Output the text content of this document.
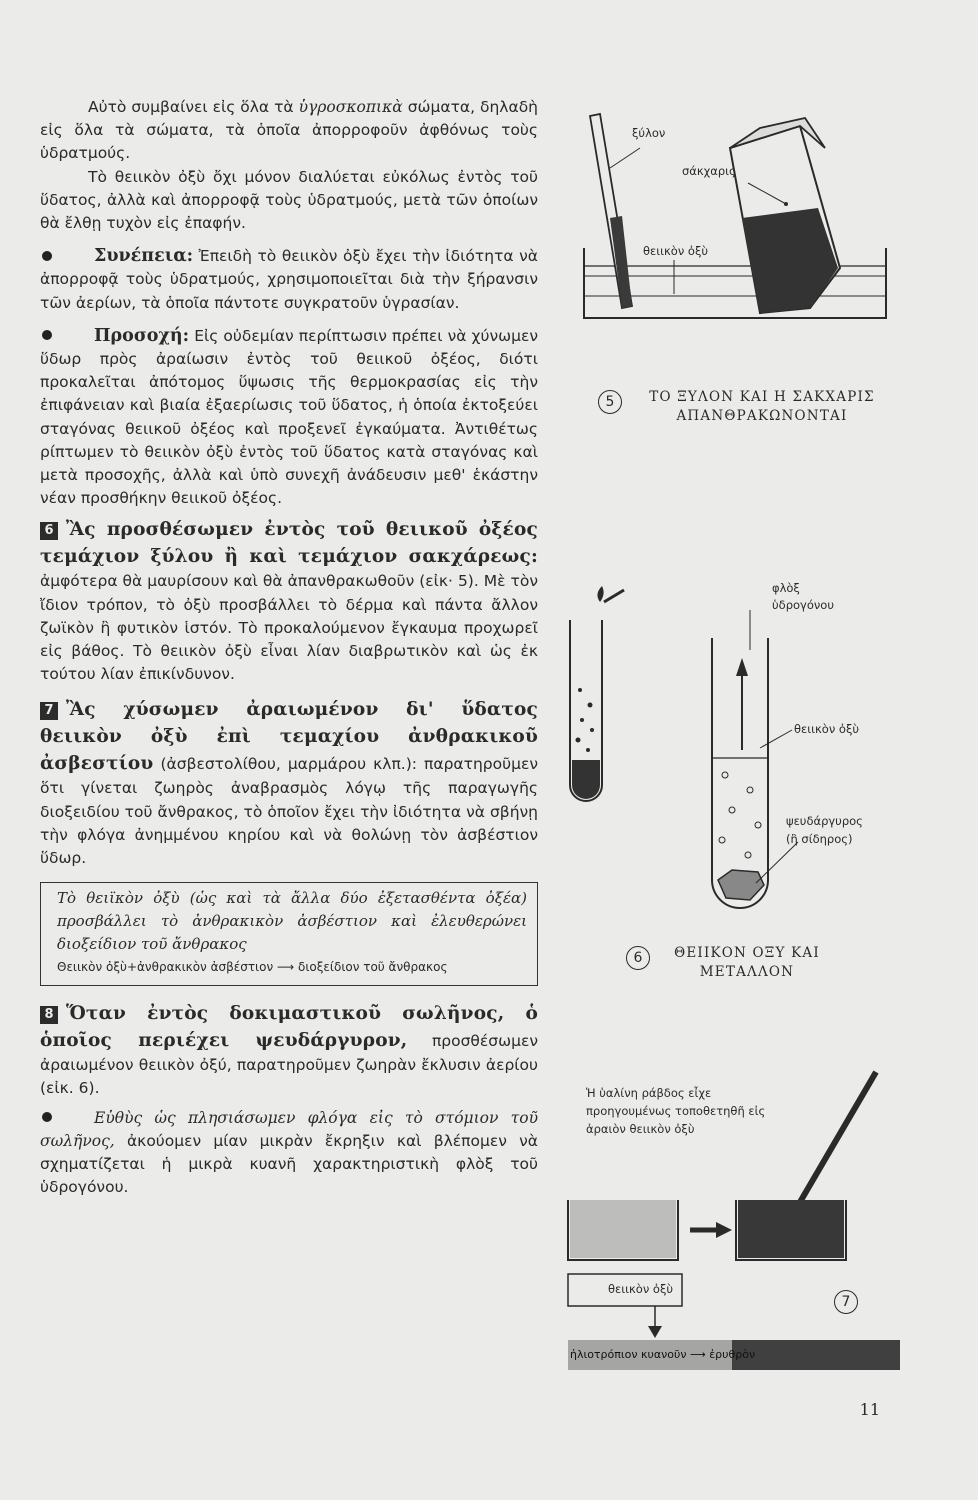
Αὐτὸ συμβαίνει εἰς ὅλα τὰ ὑγροσκοπικὰ σώματα, δηλαδὴ εἰς ὅλα τὰ σώματα, τὰ ὁποῖα ἀπορροφοῦν ἀφθόνως τοὺς ὑδρατμούς.

Τὸ θειικὸν ὀξὺ ὄχι μόνον διαλύεται εὐκόλως ἐντὸς τοῦ ὕδατος, ἀλλὰ καὶ ἀπορροφᾷ τοὺς ὑδρατμούς, μετὰ τῶν ὁποίων θὰ ἔλθῃ τυχὸν εἰς ἐπαφήν.

Συνέπεια: Ἐπειδὴ τὸ θειικὸν ὀξὺ ἔχει τὴν ἰδιότητα νὰ ἀπορροφᾷ τοὺς ὑδρατμούς, χρησιμοποιεῖται διὰ τὴν ξήρανσιν τῶν ἀερίων, τὰ ὁποῖα πάντοτε συγκρατοῦν ὑγρασίαν.

Προσοχή: Εἰς οὐδεμίαν περίπτωσιν πρέπει νὰ χύνωμεν ὕδωρ πρὸς ἀραίωσιν ἐντὸς τοῦ θειικοῦ ὀξέος, διότι προκαλεῖται ἀπότομος ὕψωσις τῆς θερμοκρασίας εἰς τὴν ἐπιφάνειαν καὶ βιαία ἐξαερίωσις τοῦ ὕδατος, ἡ ὁποία ἐκτοξεύει σταγόνας θειικοῦ ὀξέος καὶ προξενεῖ ἐγκαύματα. Ἀντιθέτως ρίπτωμεν τὸ θειικὸν ὀξὺ ἐντὸς τοῦ ὕδατος κατὰ σταγόνας καὶ μετὰ προσοχῆς, ἀλλὰ καὶ ὑπὸ συνεχῆ ἀνάδευσιν μεθ' ἑκάστην νέαν προσθήκην θειικοῦ ὀξέος.

6 Ἂς προσθέσωμεν ἐντὸς τοῦ θειικοῦ ὀξέος τεμάχιον ξύλου ἢ καὶ τεμάχιον σακχάρεως: ἀμφότερα θὰ μαυρίσουν καὶ θὰ ἀπανθρακωθοῦν (εἰκ· 5). Μὲ τὸν ἴδιον τρόπον, τὸ ὀξὺ προσβάλλει τὸ δέρμα καὶ πάντα ἄλλον ζωϊκὸν ἢ φυτικὸν ἱστόν. Τὸ προκαλούμενον ἔγκαυμα προχωρεῖ εἰς βάθος. Τὸ θειικὸν ὀξὺ εἶναι λίαν διαβρωτικὸν καὶ ὡς ἐκ τούτου λίαν ἐπικίνδυνον.

7 Ἂς χύσωμεν ἀραιωμένον δι' ὕδατος θειικὸν ὀξὺ ἐπὶ τεμαχίου ἀνθρακικοῦ ἀσβεστίου (ἀσβεστολίθου, μαρμάρου κλπ.): παρατηροῦμεν ὅτι γίνεται ζωηρὸς ἀναβρασμὸς λόγῳ τῆς παραγωγῆς διοξειδίου τοῦ ἄνθρακος, τὸ ὁποῖον ἔχει τὴν ἰδιότητα νὰ σβήνῃ τὴν φλόγα ἀνημμένου κηρίου καὶ νὰ θολώνῃ τὸν ἀσβέστιον ὕδωρ.

Τὸ θειϊκὸν ὀξὺ (ὡς καὶ τὰ ἄλλα δύο ἐξετασθέντα ὀξέα) προσβάλλει τὸ ἀνθρακικὸν ἀσβέστιον καὶ ἐλευθερώνει διοξείδιον τοῦ ἄνθρακος
Θειικὸν ὀξὺ+ἀνθρακικὸν ἀσβέστιον ⟶ διοξείδιον τοῦ ἄνθρακος

8 Ὅταν ἐντὸς δοκιμαστικοῦ σωλῆνος, ὁ ὁποῖος περιέχει ψευδάργυρον, προσθέσωμεν ἀραιωμένον θειικὸν ὀξύ, παρατηροῦμεν ζωηρὰν ἔκλυσιν ἀερίου (εἰκ. 6).

Εὐθὺς ὡς πλησιάσωμεν φλόγα εἰς τὸ στόμιον τοῦ σωλῆνος, ἀκούομεν μίαν μικρὰν ἔκρηξιν καὶ βλέπομεν νὰ σχηματίζεται ἡ μικρὰ κυανῆ χαρακτηριστικὴ φλὸξ τοῦ ὑδρογόνου.

ξύλον
σάκχαρις
θειικὸν ὀξὺ
5	ΤΟ ΞΥΛΟΝ ΚΑΙ Η ΣΑΚΧΑΡΙΣ ΑΠΑΝΘΡΑΚΩΝΟΝΤΑΙ
φλὸξ ὑδρογόνου
θειικὸν ὀξὺ
ψευδάργυρος (ἢ σίδηρος)
6	ΘΕΙΙΚΟΝ ΟΞΥ ΚΑΙ ΜΕΤΑΛΛΟΝ
Ἡ ὑαλίνη ράβδος εἶχε προηγουμένως τοποθετηθῆ εἰς ἀραιὸν θειικὸν ὀξὺ
θειικὸν ὀξὺ
7
ἡλιοτρόπιον κυανοῦν ⟶ ἐρυθρὸν
11
